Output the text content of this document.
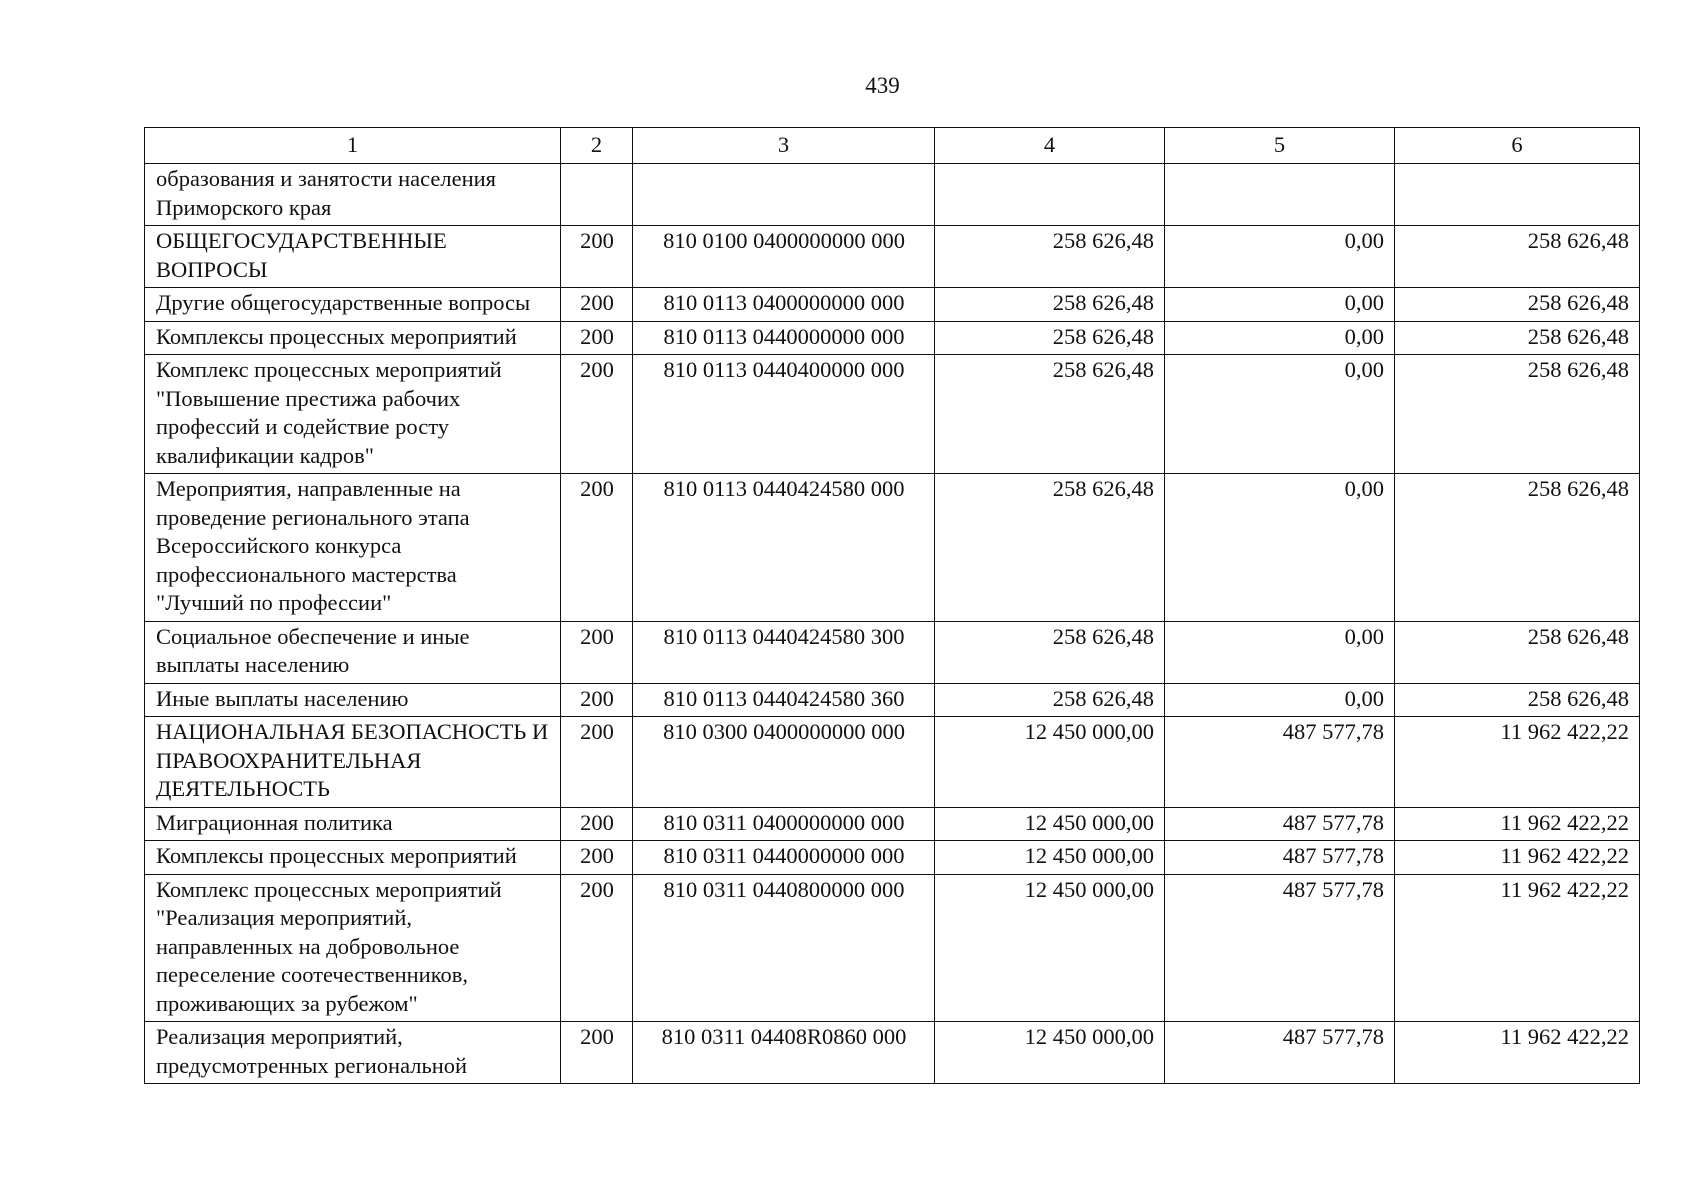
439
1	2	3	4	5	6
образования и занятости населения Приморского края					
ОБЩЕГОСУДАРСТВЕННЫЕ ВОПРОСЫ	200	810 0100 0400000000 000	258 626,48	0,00	258 626,48
Другие общегосударственные вопросы	200	810 0113 0400000000 000	258 626,48	0,00	258 626,48
Комплексы процессных мероприятий	200	810 0113 0440000000 000	258 626,48	0,00	258 626,48
Комплекс процессных мероприятий "Повышение престижа рабочих профессий и содействие росту квалификации кадров"	200	810 0113 0440400000 000	258 626,48	0,00	258 626,48
Мероприятия, направленные на проведение регионального этапа Всероссийского конкурса профессионального мастерства "Лучший по профессии"	200	810 0113 0440424580 000	258 626,48	0,00	258 626,48
Социальное обеспечение и иные выплаты населению	200	810 0113 0440424580 300	258 626,48	0,00	258 626,48
Иные выплаты населению	200	810 0113 0440424580 360	258 626,48	0,00	258 626,48
НАЦИОНАЛЬНАЯ БЕЗОПАСНОСТЬ И ПРАВООХРАНИТЕЛЬНАЯ ДЕЯТЕЛЬНОСТЬ	200	810 0300 0400000000 000	12 450 000,00	487 577,78	11 962 422,22
Миграционная политика	200	810 0311 0400000000 000	12 450 000,00	487 577,78	11 962 422,22
Комплексы процессных мероприятий	200	810 0311 0440000000 000	12 450 000,00	487 577,78	11 962 422,22
Комплекс процессных мероприятий "Реализация мероприятий, направленных на добровольное переселение соотечественников, проживающих за рубежом"	200	810 0311 0440800000 000	12 450 000,00	487 577,78	11 962 422,22
Реализация мероприятий, предусмотренных региональной	200	810 0311 04408R0860 000	12 450 000,00	487 577,78	11 962 422,22
